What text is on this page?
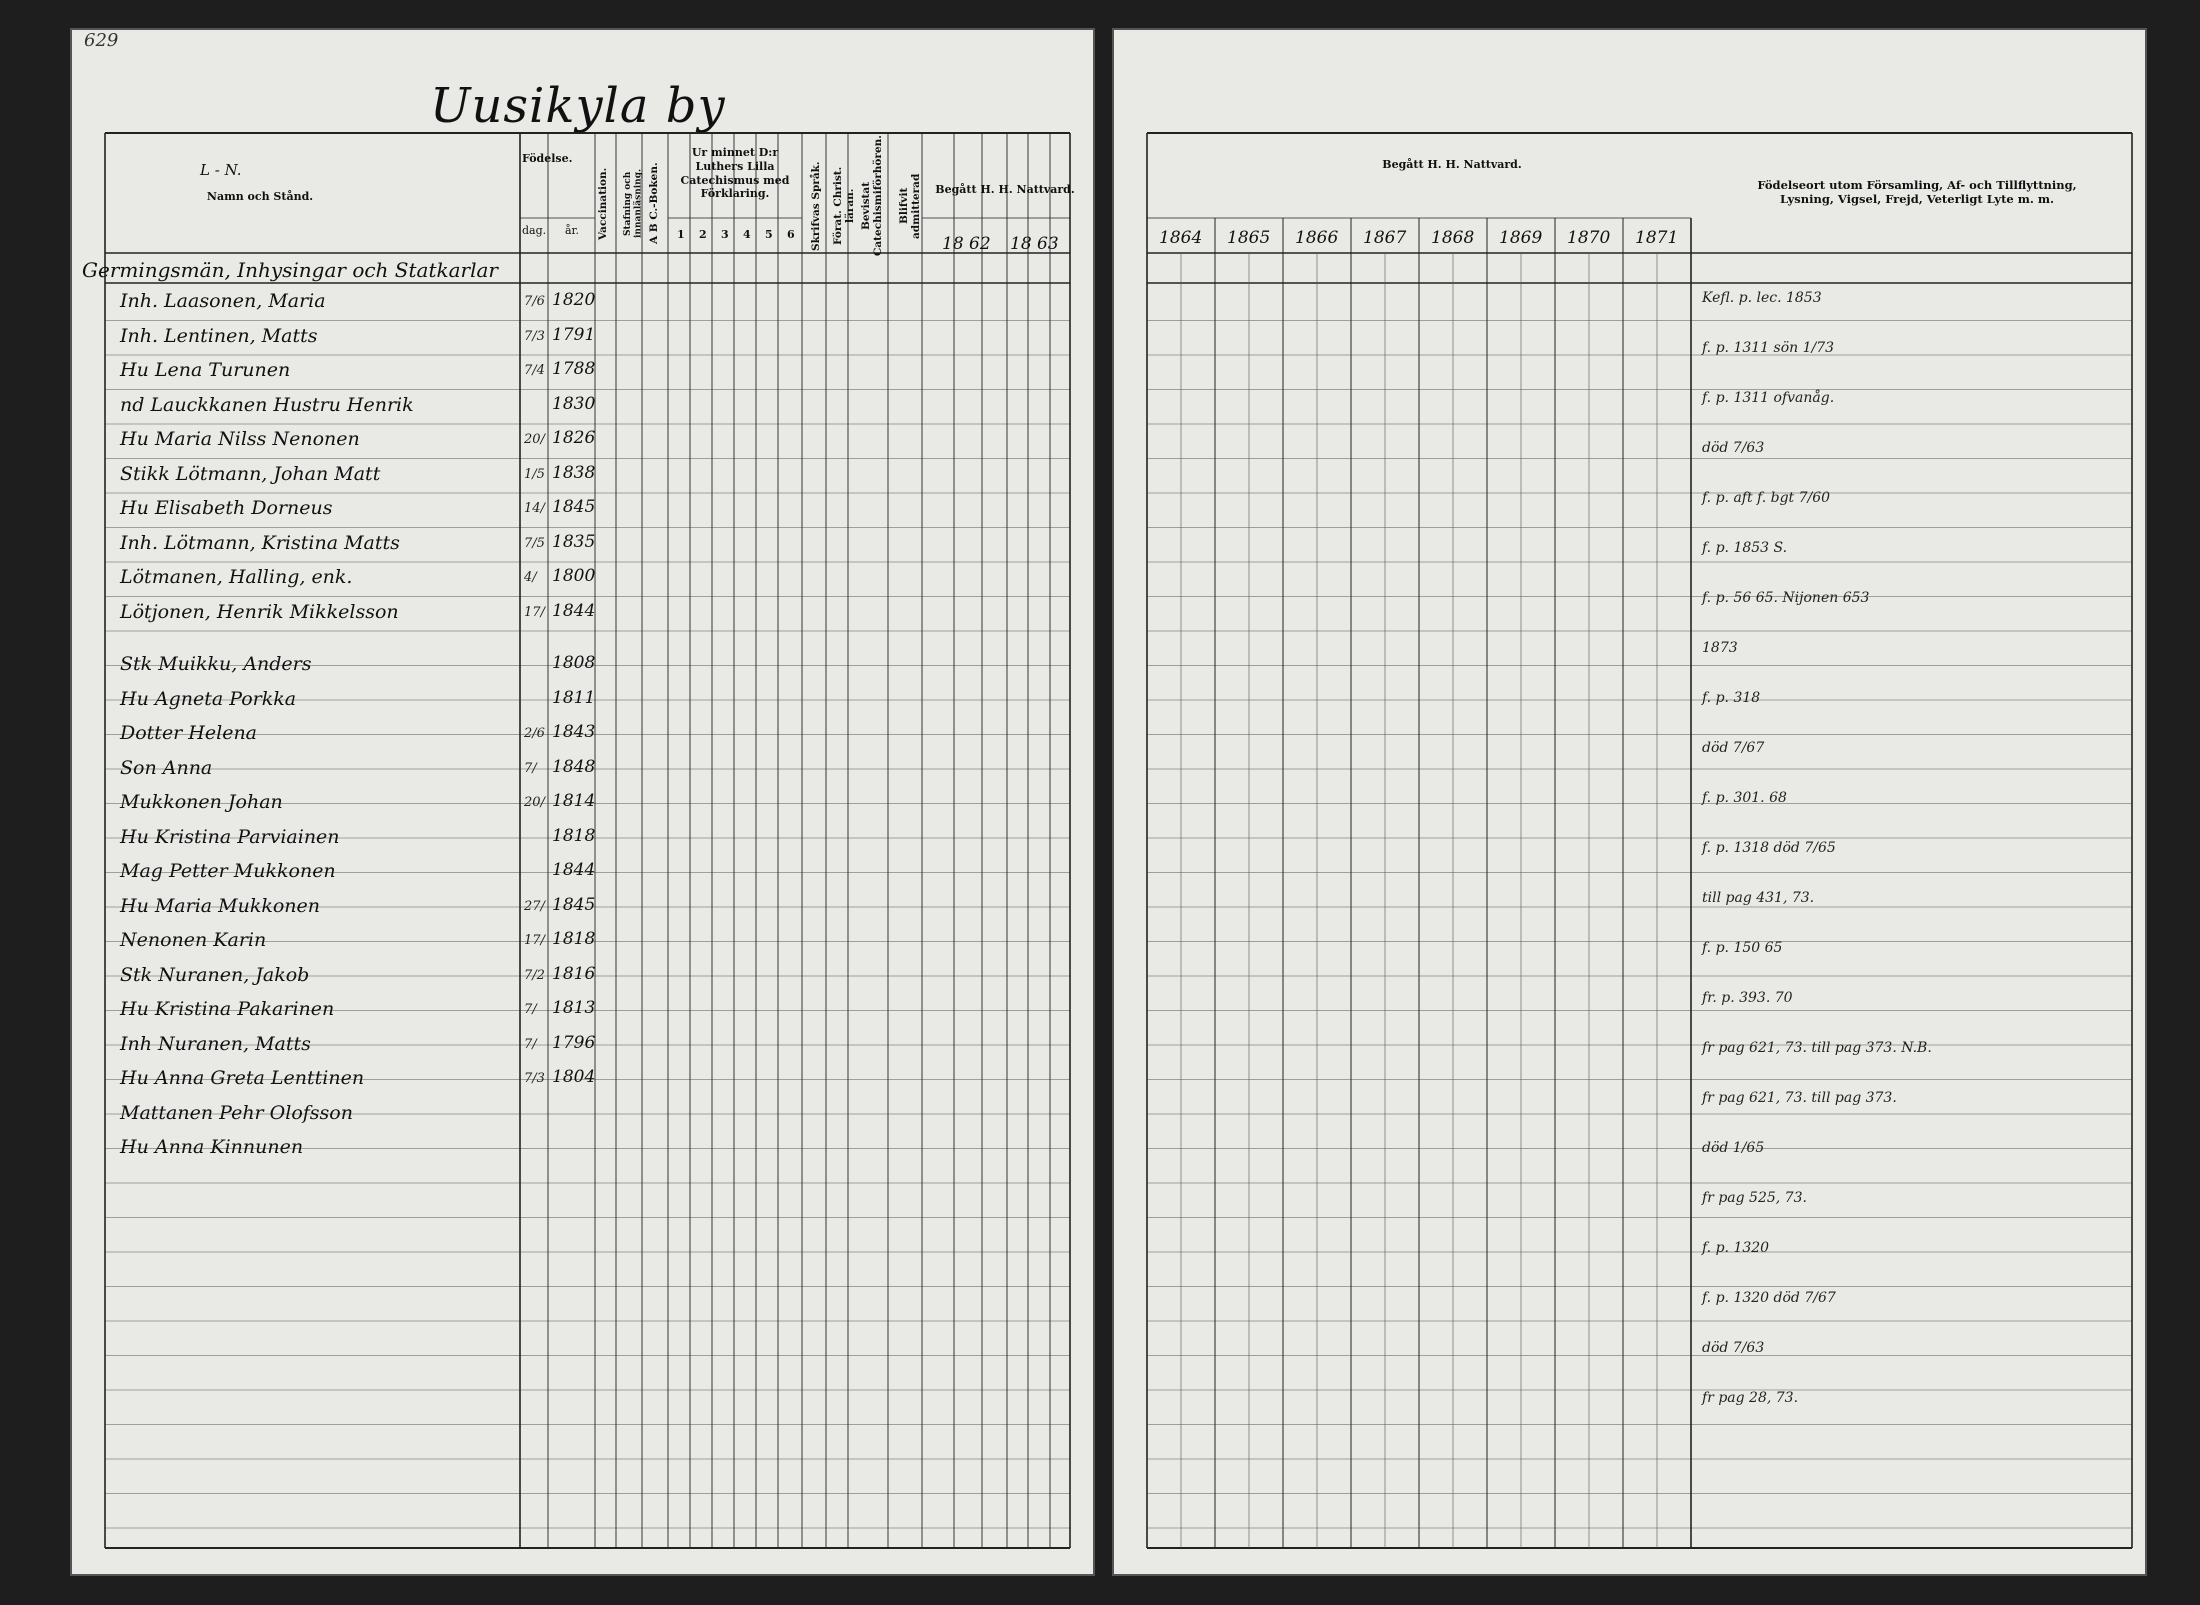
629
Uusikyla by
L - N.
Namn och Stånd.
Födelse.
dag.	år.	Vaccination. Stafning och innanläsning. A B C.-Boken.
Ur minnet D:r Luthers Lilla Catechismus med Förklaring.
1 2 3 4 5 6 Skrifvas Språk. Förat. Christ. läran. Bevistat Catechismiförhören. Blifvit admitterad	Begått H. H. Nattvard.
18 62 18 63
Germingsmän, Inhysingar och Statkarlar
Inh. Laasonen, Maria	7/6 1820
Inh. Lentinen, Matts	7/3 1791
Hu Lena Turunen	7/4 1788
nd Lauckkanen Hustru Henrik	1830
Hu Maria Nilss Nenonen	20/ 1826
Stikk Lötmann, Johan Matt	1/5 1838
Hu Elisabeth Dorneus	14/ 1845
Inh. Lötmann, Kristina Matts	7/5 1835
Lötmanen, Halling, enk.	4/ 1800
Lötjonen, Henrik Mikkelsson	17/ 1844
Stk Muikku, Anders	1808
Hu Agneta Porkka	1811
Dotter Helena	2/6 1843
Son Anna	7/ 1848
Mukkonen Johan	20/ 1814
Hu Kristina Parviainen	1818
Mag Petter Mukkonen	1844
Hu Maria Mukkonen	27/ 1845
Nenonen Karin	17/ 1818
Stk Nuranen, Jakob	7/2 1816
Hu Kristina Pakarinen	7/ 1813
Inh Nuranen, Matts	7/ 1796
Hu Anna Greta Lenttinen	7/3 1804
Mattanen Pehr Olofsson
Hu Anna Kinnunen
Begått H. H. Nattvard.
Födelseort utom Församling, Af- och Tillflyttning, Lysning, Vigsel, Frejd, Veterligt Lyte m. m.
1864 1865 1866 1867 1868 1869 1870 1871
Kefl. p. lec. 1853
f. p. 1311 sön 1/73
f. p. 1311 ofvanåg.
död 7/63
f. p. aft f. bgt 7/60
f. p. 1853 S.
f. p. 56 65. Nijonen 653
1873
f. p. 318
död 7/67
f. p. 301. 68
f. p. 1318 död 7/65
till pag 431, 73.
f. p. 150 65
fr. p. 393. 70
fr pag 621, 73. till pag 373. N.B.
fr pag 621, 73. till pag 373.
död 1/65
fr pag 525, 73.
f. p. 1320
f. p. 1320 död 7/67
död 7/63
fr pag 28, 73.
